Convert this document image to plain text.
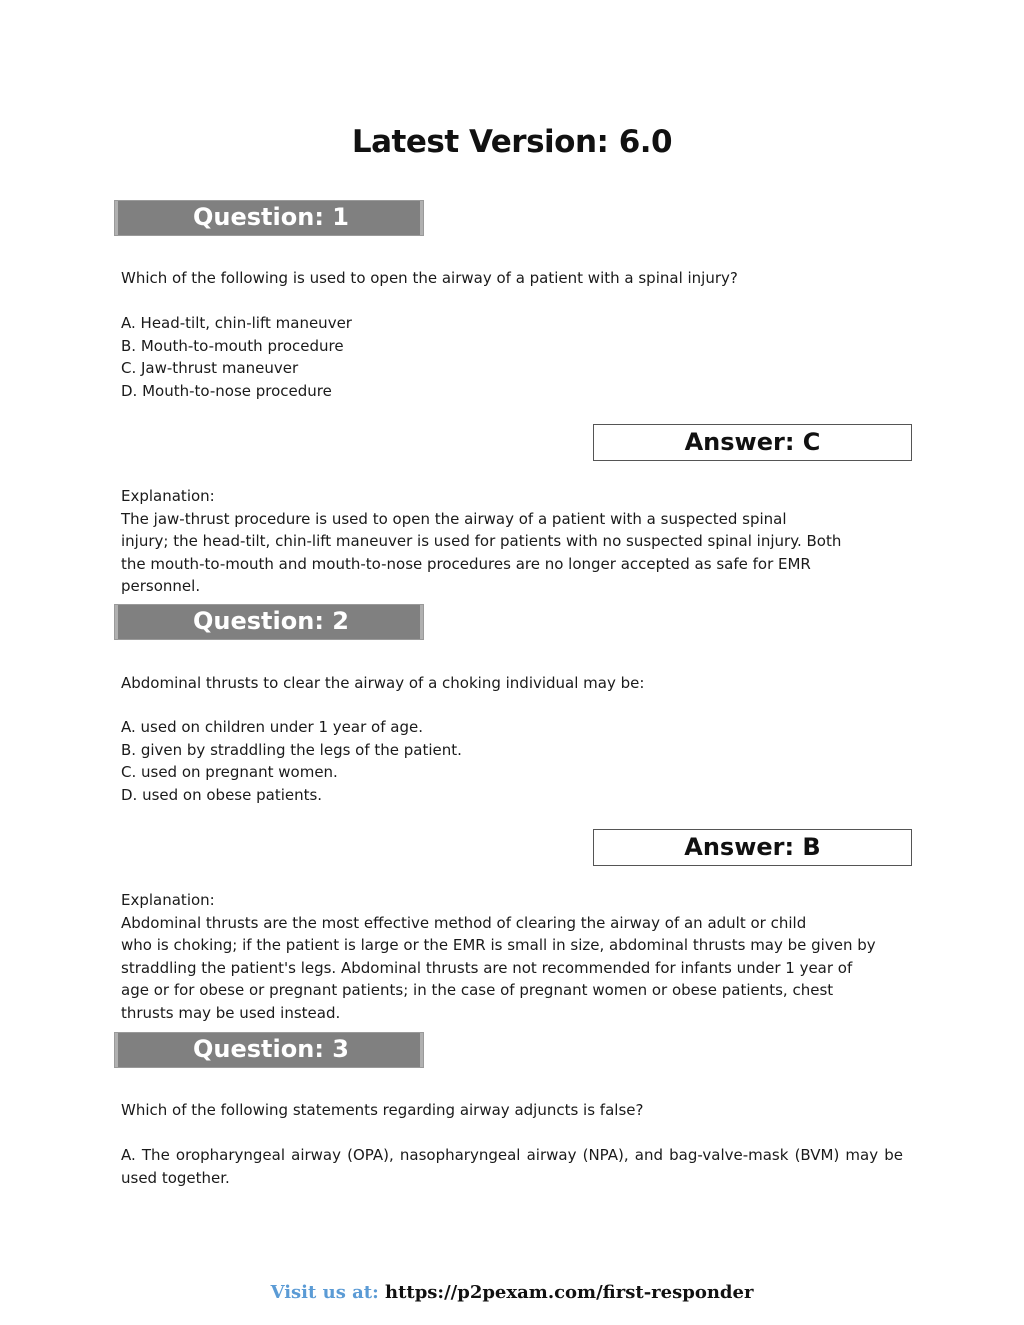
Latest Version: 6.0
Question: 1
Which of the following is used to open the airway of a patient with a spinal injury?
A. Head-tilt, chin-lift maneuver
B. Mouth-to-mouth procedure
C. Jaw-thrust maneuver
D. Mouth-to-nose procedure
Answer: C
Explanation:
The jaw-thrust procedure is used to open the airway of a patient with a suspected spinal
injury; the head-tilt, chin-lift maneuver is used for patients with no suspected spinal injury. Both
the mouth-to-mouth and mouth-to-nose procedures are no longer accepted as safe for EMR
personnel.
Question: 2
Abdominal thrusts to clear the airway of a choking individual may be:
A. used on children under 1 year of age.
B. given by straddling the legs of the patient.
C. used on pregnant women.
D. used on obese patients.
Answer: B
Explanation:
Abdominal thrusts are the most effective method of clearing the airway of an adult or child
who is choking; if the patient is large or the EMR is small in size, abdominal thrusts may be given by
straddling the patient's legs. Abdominal thrusts are not recommended for infants under 1 year of
age or for obese or pregnant patients; in the case of pregnant women or obese patients, chest
thrusts may be used instead.
Question: 3
Which of the following statements regarding airway adjuncts is false?
A. The oropharyngeal airway (OPA), nasopharyngeal airway (NPA), and bag-valve-mask (BVM) may be used together.
Visit us at: https://p2pexam.com/first-responder
